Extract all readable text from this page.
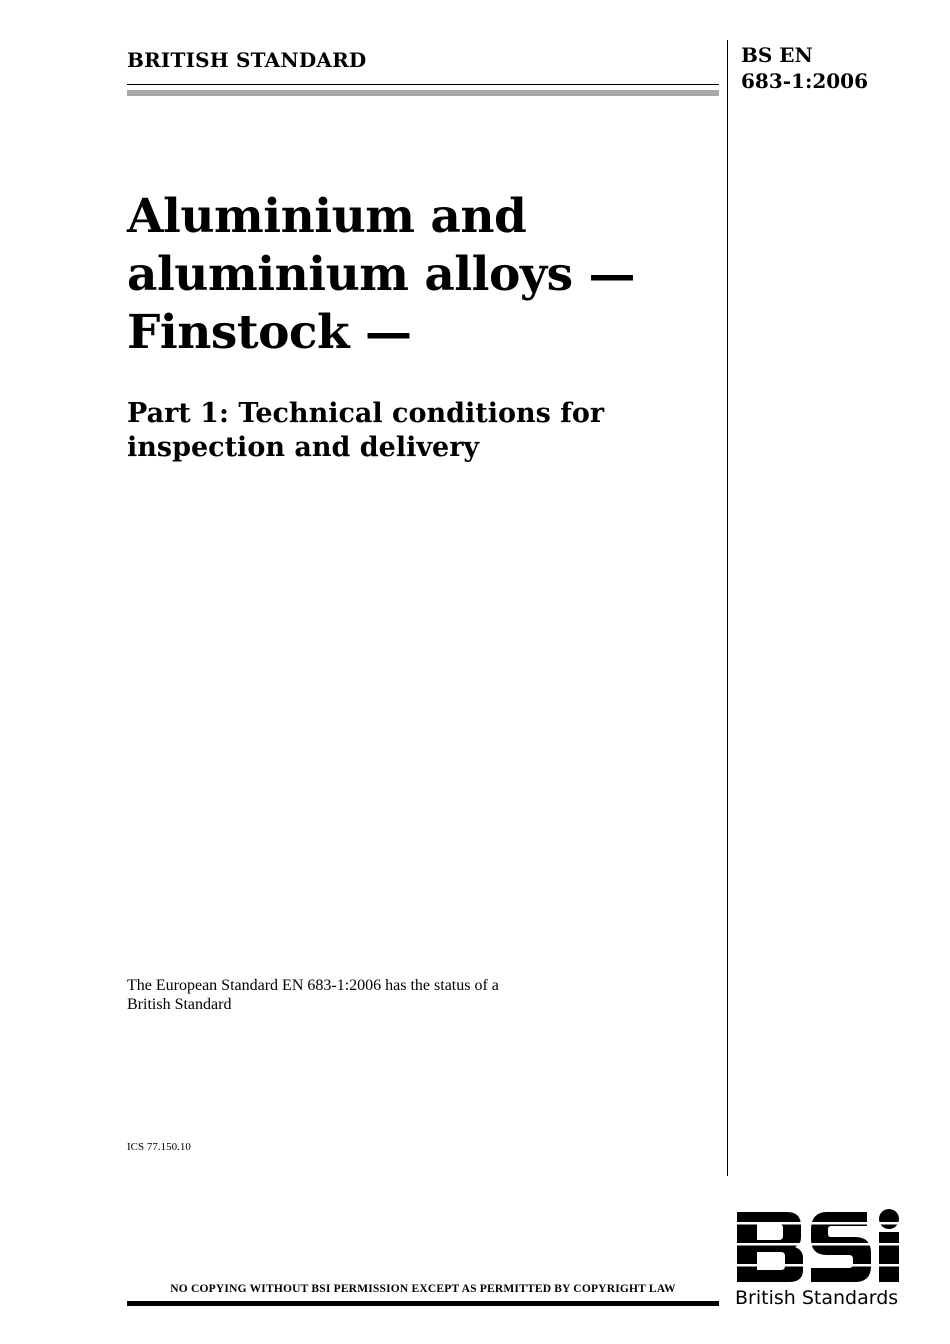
BRITISH STANDARD	BS EN
683-1:2006
Aluminium and
aluminium alloys —
Finstock —
Part 1: Technical conditions for
inspection and delivery
The European Standard EN 683-1:2006 has the status of a
British Standard
ICS 77.150.10
NO COPYING WITHOUT BSI PERMISSION EXCEPT AS PERMITTED BY COPYRIGHT LAW	British Standards
